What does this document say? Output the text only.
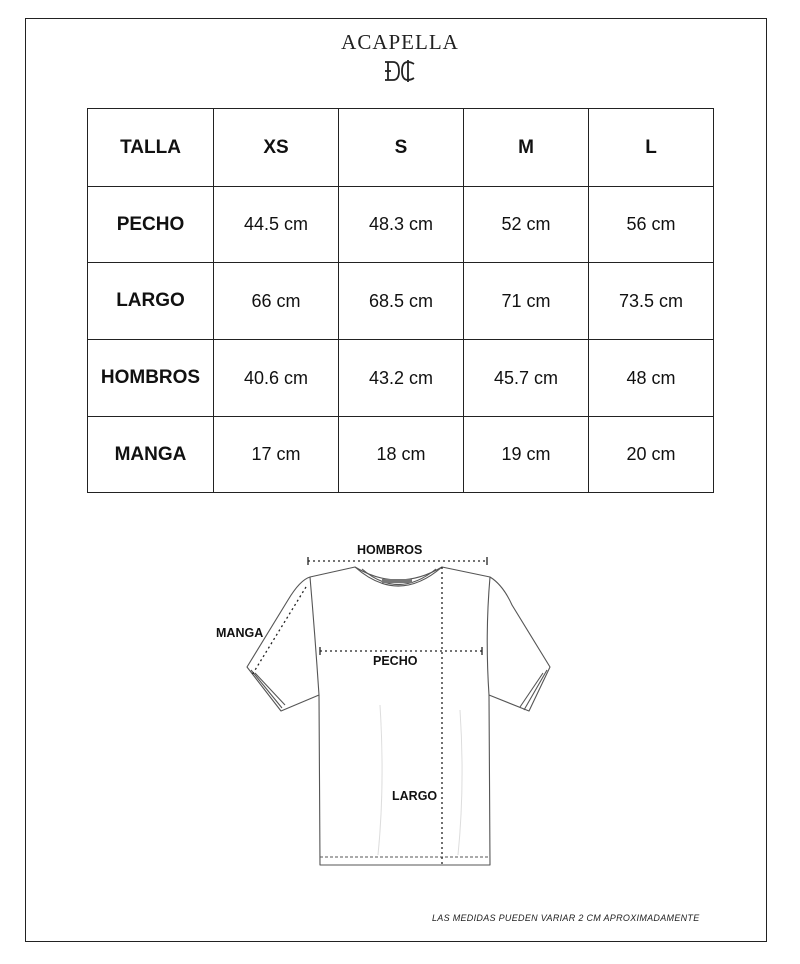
ACAPELLA
TALLA	XS	S	M	L
PECHO	44.5 cm	48.3 cm	52 cm	56 cm
LARGO	66 cm	68.5 cm	71 cm	73.5 cm
HOMBROS	40.6 cm	43.2 cm	45.7 cm	48 cm
MANGA	17 cm	18 cm	19 cm	20 cm
HOMBROS
MANGA
PECHO
LARGO
LAS MEDIDAS PUEDEN VARIAR 2 CM APROXIMADAMENTE
